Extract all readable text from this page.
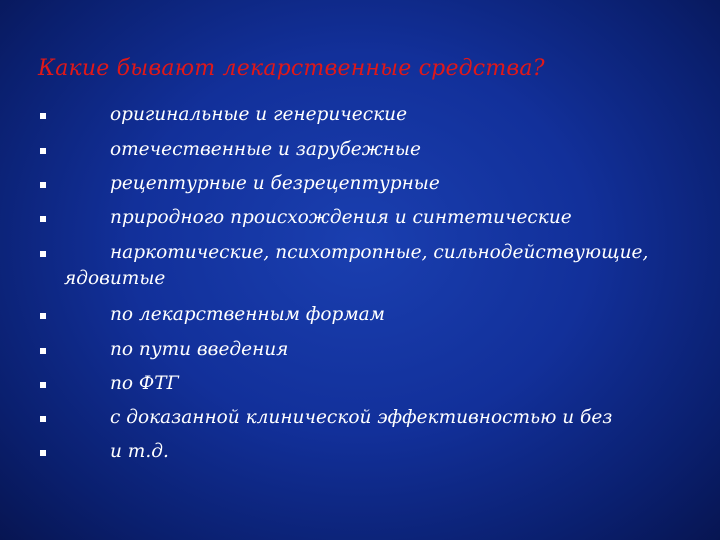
Какие бывают лекарственные средства?
оригинальные и генерические
отечественные и зарубежные
рецептурные и безрецептурные
природного происхождения и синтетические
наркотические, психотропные, сильнодействующие,
ядовитые
по лекарственным формам
по пути введения
по ФТГ
с доказанной клинической эффективностью и без
и т.д.
